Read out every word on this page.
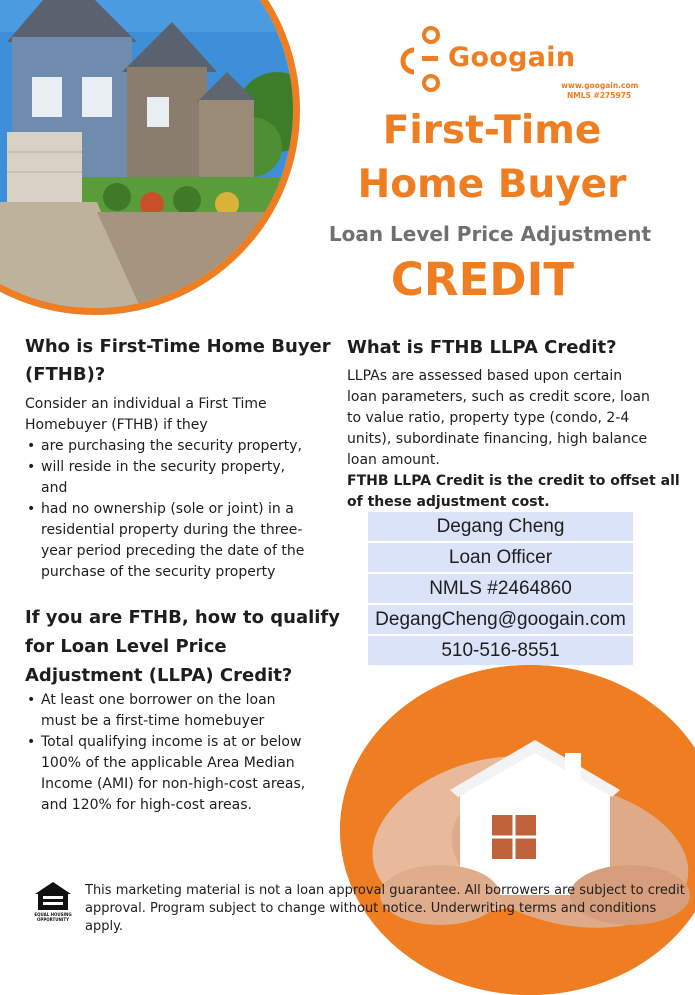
Googain
www.googain.com
NMLS #275975
First-Time
Home Buyer
Loan Level Price Adjustment
CREDIT
Who is First-Time Home Buyer
(FTHB)?
Consider an individual a First Time
Homebuyer (FTHB) if they
• are purchasing the security property,
• will reside in the security property,
and
• had no ownership (sole or joint) in a
residential property during the three-
year period preceding the date of the
purchase of the security property
If you are FTHB, how to qualify
for Loan Level Price
Adjustment (LLPA) Credit?
• At least one borrower on the loan
must be a first-time homebuyer
• Total qualifying income is at or below
100% of the applicable Area Median
Income (AMI) for non-high-cost areas,
and 120% for high-cost areas.
What is FTHB LLPA Credit?
LLPAs are assessed based upon certain
loan parameters, such as credit score, loan
to value ratio, property type (condo, 2-4
units), subordinate financing, high balance
loan amount.
FTHB LLPA Credit is the credit to offset all
of these adjustment cost.
Degang Cheng
Loan Officer
NMLS #2464860
DegangCheng@googain.com
510-516-8551
EQUAL HOUSING
OPPORTUNITY
This marketing material is not a loan approval guarantee. All borrowers are subject to credit
approval. Program subject to change without notice. Underwriting terms and conditions apply.
